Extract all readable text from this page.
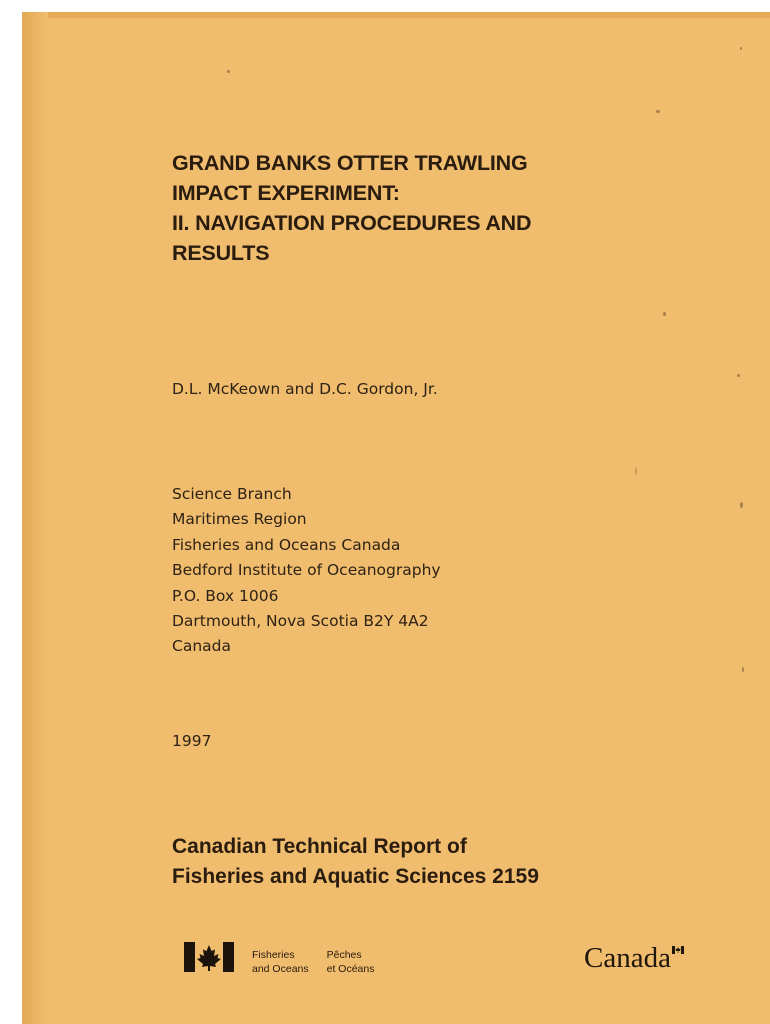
GRAND BANKS OTTER TRAWLING
IMPACT EXPERIMENT:
II. NAVIGATION PROCEDURES AND
RESULTS
D.L. McKeown and D.C. Gordon, Jr.
Science Branch
Maritimes Region
Fisheries and Oceans Canada
Bedford Institute of Oceanography
P.O. Box 1006
Dartmouth, Nova Scotia B2Y 4A2
Canada
1997
Canadian Technical Report of
Fisheries and Aquatic Sciences 2159
Fisheries
and Oceans
Pêches
et Océans	Canada
